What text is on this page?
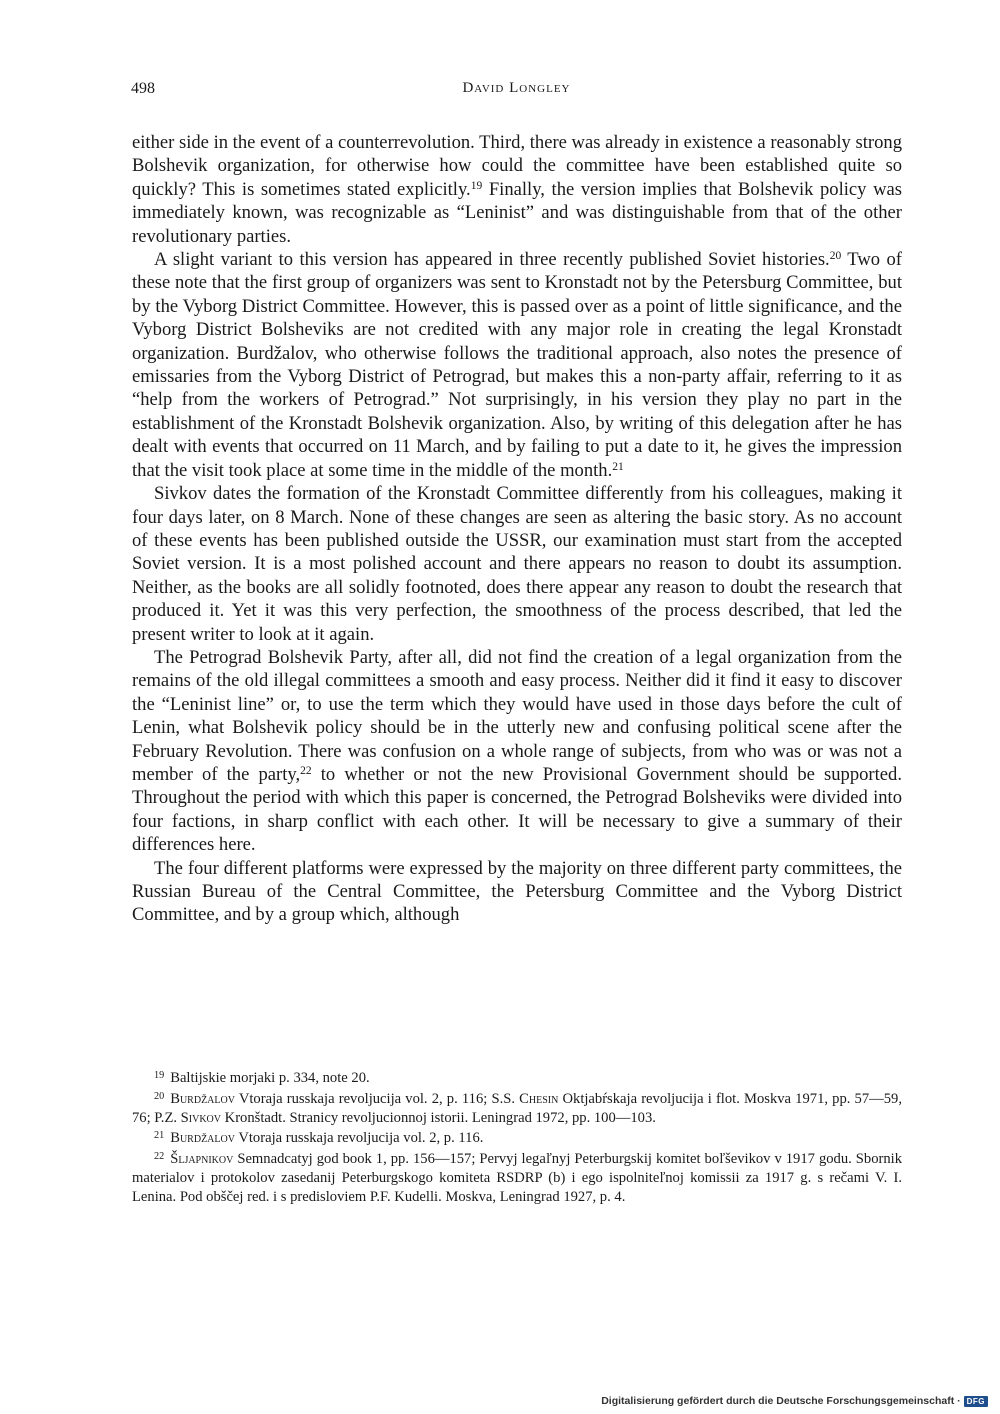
498	David Longley

either side in the event of a counterrevolution. Third, there was already in existence a reasonably strong Bolshevik organization, for otherwise how could the committee have been established quite so quickly? This is sometimes stated explicitly.$^{19}$ Finally, the version implies that Bolshevik policy was immediately known, was recognizable as “Leninist” and was distinguishable from that of the other revolutionary parties.

A slight variant to this version has appeared in three recently published Soviet histories.$^{20}$ Two of these note that the first group of organizers was sent to Kronstadt not by the Petersburg Committee, but by the Vyborg District Committee. However, this is passed over as a point of little significance, and the Vyborg District Bolsheviks are not credited with any major role in creating the legal Kronstadt organization. Burdžalov, who otherwise follows the traditional approach, also notes the presence of emissaries from the Vyborg District of Petrograd, but makes this a non-party affair, referring to it as “help from the workers of Petrograd.” Not surprisingly, in his version they play no part in the establishment of the Kronstadt Bolshevik organization. Also, by writing of this delegation after he has dealt with events that occurred on 11 March, and by failing to put a date to it, he gives the impression that the visit took place at some time in the middle of the month.$^{21}$

Sivkov dates the formation of the Kronstadt Committee differently from his colleagues, making it four days later, on 8 March. None of these changes are seen as altering the basic story. As no account of these events has been published outside the USSR, our examination must start from the accepted Soviet version. It is a most polished account and there appears no reason to doubt its assumption. Neither, as the books are all solidly footnoted, does there appear any reason to doubt the research that produced it. Yet it was this very perfection, the smoothness of the process described, that led the present writer to look at it again.

The Petrograd Bolshevik Party, after all, did not find the creation of a legal organization from the remains of the old illegal committees a smooth and easy process. Neither did it find it easy to discover the “Leninist line” or, to use the term which they would have used in those days before the cult of Lenin, what Bolshevik policy should be in the utterly new and confusing political scene after the February Revolution. There was confusion on a whole range of subjects, from who was or was not a member of the party,$^{22}$ to whether or not the new Provisional Government should be supported. Throughout the period with which this paper is concerned, the Petrograd Bolsheviks were divided into four factions, in sharp conflict with each other. It will be necessary to give a summary of their differences here.

The four different platforms were expressed by the majority on three different party committees, the Russian Bureau of the Central Committee, the Petersburg Committee and the Vyborg District Committee, and by a group which, although

$^{19}$ Baltijskie morjaki p. 334, note 20.

$^{20}$ Burdžalov Vtoraja russkaja revoljucija vol. 2, p. 116; S.S. Chesin Oktjabŕskaja revoljucija i flot. Moskva 1971, pp. 57—59, 76; P.Z. Sivkov Kronštadt. Stranicy revoljucionnoj istorii. Leningrad 1972, pp. 100—103.

$^{21}$ Burdžalov Vtoraja russkaja revoljucija vol. 2, p. 116.

$^{22}$ Šljapnikov Semnadcatyj god book 1, pp. 156—157; Pervyj legaľnyj Peterburgskij komitet boľševikov v 1917 godu. Sbornik materialov i protokolov zasedanij Peterburgskogo komiteta RSDRP (b) i ego ispolniteľnoj komissii za 1917 g. s rečami V. I. Lenina. Pod obščej red. i s predisloviem P.F. Kudelli. Moskva, Leningrad 1927, p. 4.

Digitalisierung gefördert durch die Deutsche Forschungsgemeinschaft · DFG
